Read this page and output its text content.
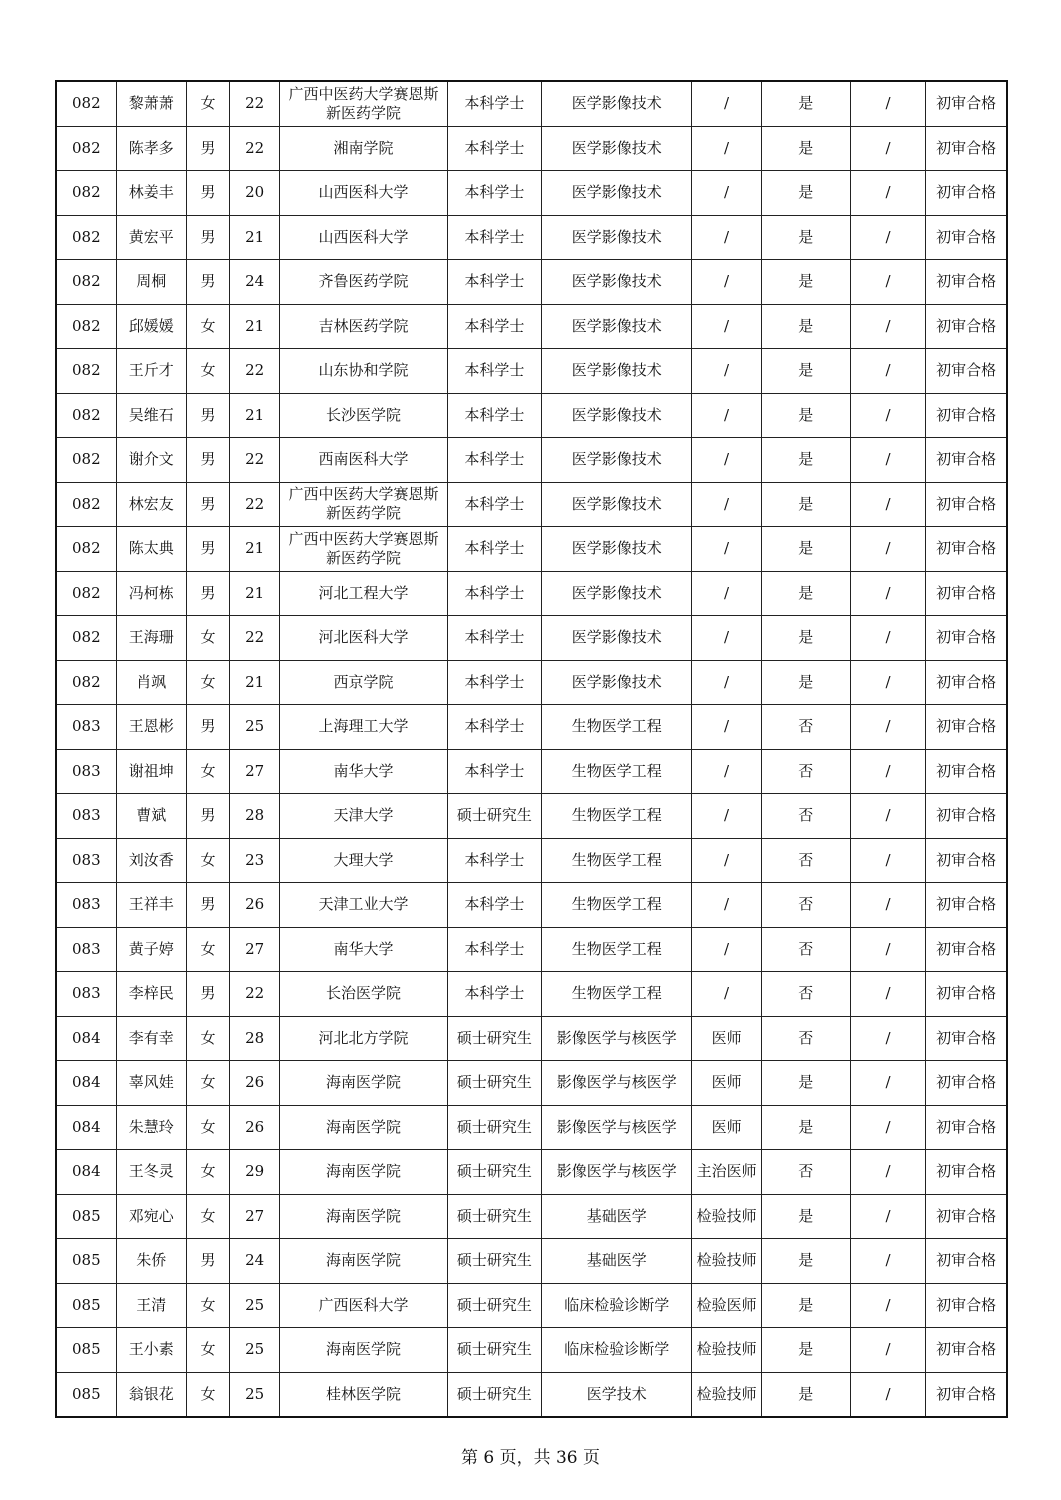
082	黎萧萧	女	22	广西中医药大学赛恩斯新医药学院	本科学士	医学影像技术	/	是	/	初审合格
082	陈孝多	男	22	湘南学院	本科学士	医学影像技术	/	是	/	初审合格
082	林姜丰	男	20	山西医科大学	本科学士	医学影像技术	/	是	/	初审合格
082	黄宏平	男	21	山西医科大学	本科学士	医学影像技术	/	是	/	初审合格
082	周桐	男	24	齐鲁医药学院	本科学士	医学影像技术	/	是	/	初审合格
082	邱媛媛	女	21	吉林医药学院	本科学士	医学影像技术	/	是	/	初审合格
082	王斤才	女	22	山东协和学院	本科学士	医学影像技术	/	是	/	初审合格
082	吴维石	男	21	长沙医学院	本科学士	医学影像技术	/	是	/	初审合格
082	谢介文	男	22	西南医科大学	本科学士	医学影像技术	/	是	/	初审合格
082	林宏友	男	22	广西中医药大学赛恩斯新医药学院	本科学士	医学影像技术	/	是	/	初审合格
082	陈太典	男	21	广西中医药大学赛恩斯新医药学院	本科学士	医学影像技术	/	是	/	初审合格
082	冯柯栋	男	21	河北工程大学	本科学士	医学影像技术	/	是	/	初审合格
082	王海珊	女	22	河北医科大学	本科学士	医学影像技术	/	是	/	初审合格
082	肖飒	女	21	西京学院	本科学士	医学影像技术	/	是	/	初审合格
083	王恩彬	男	25	上海理工大学	本科学士	生物医学工程	/	否	/	初审合格
083	谢祖坤	女	27	南华大学	本科学士	生物医学工程	/	否	/	初审合格
083	曹斌	男	28	天津大学	硕士研究生	生物医学工程	/	否	/	初审合格
083	刘汝香	女	23	大理大学	本科学士	生物医学工程	/	否	/	初审合格
083	王祥丰	男	26	天津工业大学	本科学士	生物医学工程	/	否	/	初审合格
083	黄子婷	女	27	南华大学	本科学士	生物医学工程	/	否	/	初审合格
083	李梓民	男	22	长治医学院	本科学士	生物医学工程	/	否	/	初审合格
084	李有幸	女	28	河北北方学院	硕士研究生	影像医学与核医学	医师	否	/	初审合格
084	辜风娃	女	26	海南医学院	硕士研究生	影像医学与核医学	医师	是	/	初审合格
084	朱慧玲	女	26	海南医学院	硕士研究生	影像医学与核医学	医师	是	/	初审合格
084	王冬灵	女	29	海南医学院	硕士研究生	影像医学与核医学	主治医师	否	/	初审合格
085	邓宛心	女	27	海南医学院	硕士研究生	基础医学	检验技师	是	/	初审合格
085	朱侨	男	24	海南医学院	硕士研究生	基础医学	检验技师	是	/	初审合格
085	王清	女	25	广西医科大学	硕士研究生	临床检验诊断学	检验医师	是	/	初审合格
085	王小素	女	25	海南医学院	硕士研究生	临床检验诊断学	检验技师	是	/	初审合格
085	翁银花	女	25	桂林医学院	硕士研究生	医学技术	检验技师	是	/	初审合格
第 6 页，共 36 页
